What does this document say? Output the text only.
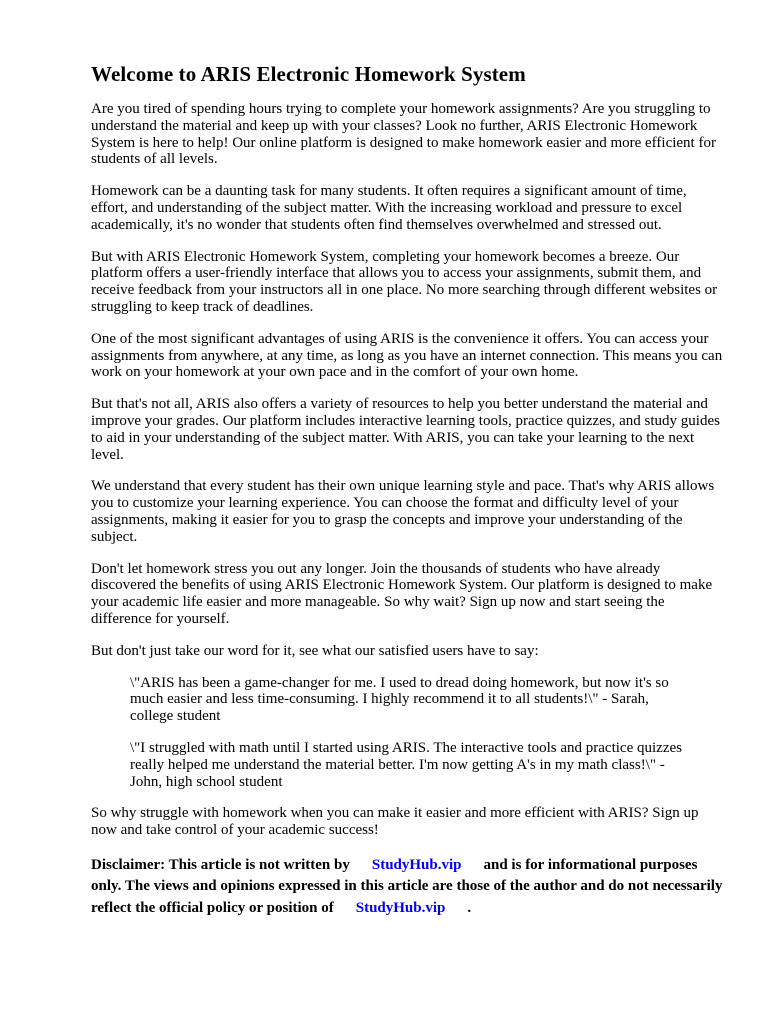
Welcome to ARIS Electronic Homework System

Are you tired of spending hours trying to complete your homework assignments? Are you struggling to understand the material and keep up with your classes? Look no further, ARIS Electronic Homework System is here to help! Our online platform is designed to make homework easier and more efficient for students of all levels.

Homework can be a daunting task for many students. It often requires a significant amount of time, effort, and understanding of the subject matter. With the increasing workload and pressure to excel academically, it's no wonder that students often find themselves overwhelmed and stressed out.

But with ARIS Electronic Homework System, completing your homework becomes a breeze. Our platform offers a user-friendly interface that allows you to access your assignments, submit them, and receive feedback from your instructors all in one place. No more searching through different websites or struggling to keep track of deadlines.

One of the most significant advantages of using ARIS is the convenience it offers. You can access your assignments from anywhere, at any time, as long as you have an internet connection. This means you can work on your homework at your own pace and in the comfort of your own home.

But that's not all, ARIS also offers a variety of resources to help you better understand the material and improve your grades. Our platform includes interactive learning tools, practice quizzes, and study guides to aid in your understanding of the subject matter. With ARIS, you can take your learning to the next level.

We understand that every student has their own unique learning style and pace. That's why ARIS allows you to customize your learning experience. You can choose the format and difficulty level of your assignments, making it easier for you to grasp the concepts and improve your understanding of the subject.

Don't let homework stress you out any longer. Join the thousands of students who have already discovered the benefits of using ARIS Electronic Homework System. Our platform is designed to make your academic life easier and more manageable. So why wait? Sign up now and start seeing the difference for yourself.

But don't just take our word for it, see what our satisfied users have to say:

\"ARIS has been a game-changer for me. I used to dread doing homework, but now it's so much easier and less time-consuming. I highly recommend it to all students!\" - Sarah, college student
\"I struggled with math until I started using ARIS. The interactive tools and practice quizzes really helped me understand the material better. I'm now getting A's in my math class!\" - John, high school student

So why struggle with homework when you can make it easier and more efficient with ARIS? Sign up now and take control of your academic success!

Disclaimer: This article is not written by StudyHub.vip and is for informational purposes only. The views and opinions expressed in this article are those of the author and do not necessarily reflect the official policy or position of StudyHub.vip .
